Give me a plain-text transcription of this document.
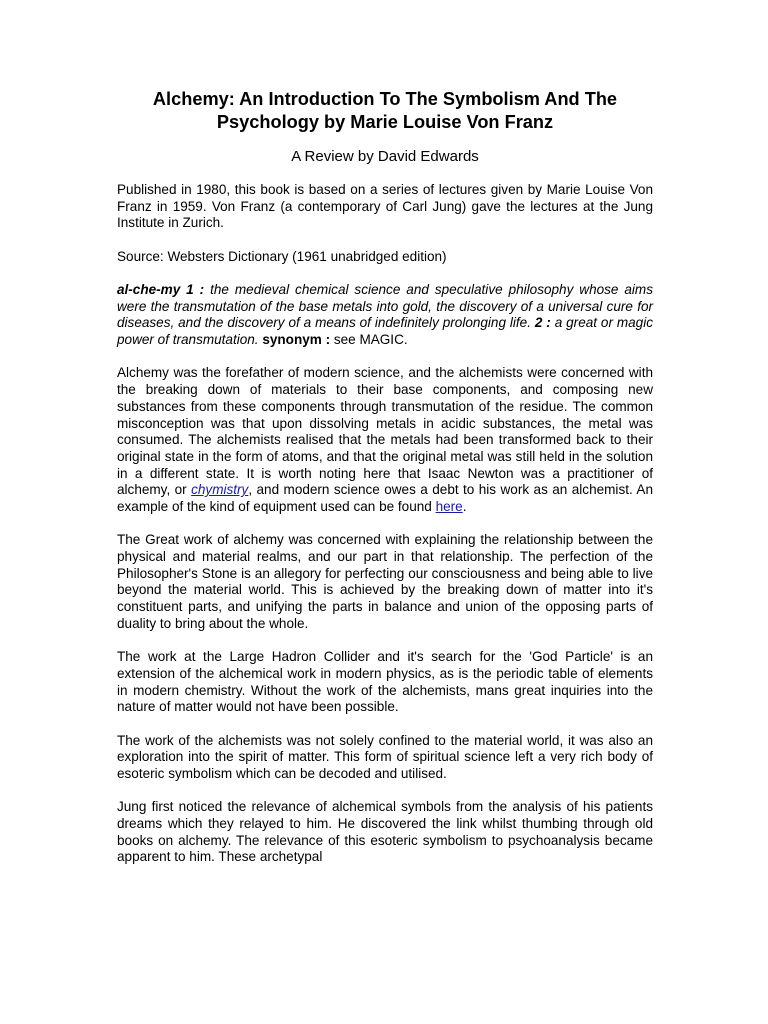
Alchemy: An Introduction To The Symbolism And The Psychology by Marie Louise Von Franz
A Review by David Edwards

Published in 1980, this book is based on a series of lectures given by Marie Louise Von Franz in 1959. Von Franz (a contemporary of Carl Jung) gave the lectures at the Jung Institute in Zurich.

Source: Websters Dictionary (1961 unabridged edition)

al-che-my 1 : the medieval chemical science and speculative philosophy whose aims were the transmutation of the base metals into gold, the discovery of a universal cure for diseases, and the discovery of a means of indefinitely prolonging life. 2 : a great or magic power of transmutation. synonym : see MAGIC.

Alchemy was the forefather of modern science, and the alchemists were concerned with the breaking down of materials to their base components, and composing new substances from these components through transmutation of the residue. The common misconception was that upon dissolving metals in acidic substances, the metal was consumed. The alchemists realised that the metals had been transformed back to their original state in the form of atoms, and that the original metal was still held in the solution in a different state. It is worth noting here that Isaac Newton was a practitioner of alchemy, or chymistry, and modern science owes a debt to his work as an alchemist. An example of the kind of equipment used can be found here.

The Great work of alchemy was concerned with explaining the relationship between the physical and material realms, and our part in that relationship. The perfection of the Philosopher's Stone is an allegory for perfecting our consciousness and being able to live beyond the material world. This is achieved by the breaking down of matter into it's constituent parts, and unifying the parts in balance and union of the opposing parts of duality to bring about the whole.

The work at the Large Hadron Collider and it's search for the 'God Particle' is an extension of the alchemical work in modern physics, as is the periodic table of elements in modern chemistry. Without the work of the alchemists, mans great inquiries into the nature of matter would not have been possible.

The work of the alchemists was not solely confined to the material world, it was also an exploration into the spirit of matter. This form of spiritual science left a very rich body of esoteric symbolism which can be decoded and utilised.

Jung first noticed the relevance of alchemical symbols from the analysis of his patients dreams which they relayed to him. He discovered the link whilst thumbing through old books on alchemy. The relevance of this esoteric symbolism to psychoanalysis became apparent to him. These archetypal
